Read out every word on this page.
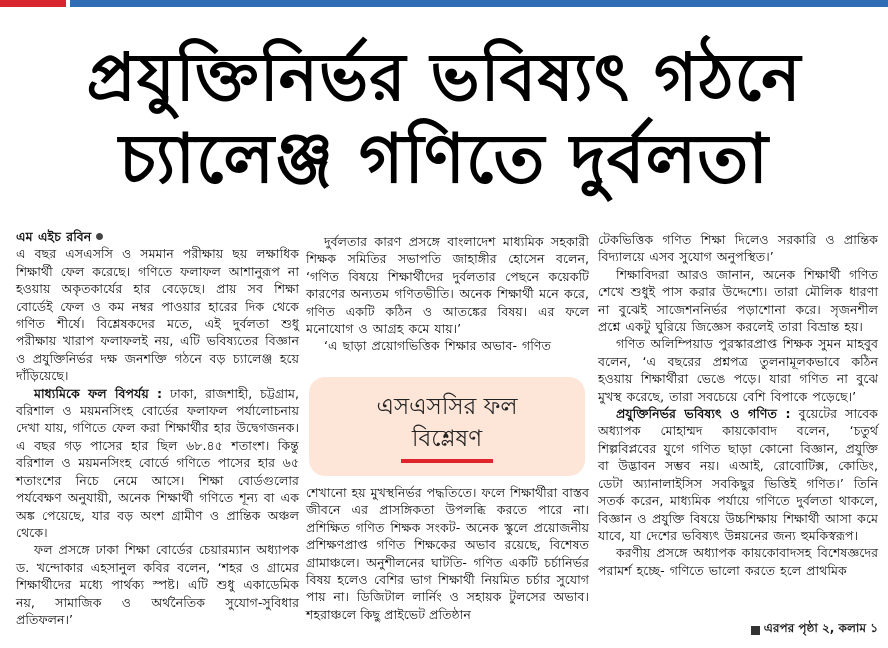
প্রযুক্তিনির্ভর ভবিষ্যৎ গঠনে
চ্যালেঞ্জ গণিতে দুর্বলতা

এম এইচ রবিন

এ বছর এসএসসি ও সমমান পরীক্ষায় ছয় লক্ষাধিক শিক্ষার্থী ফেল করেছে। গণিতে ফলাফল আশানুরূপ না হওয়ায় অকৃতকার্যের হার বেড়েছে। প্রায় সব শিক্ষা বোর্ডেই ফেল ও কম নম্বর পাওয়ার হারের দিক থেকে গণিত শীর্ষে। বিশ্লেষকদের মতে, এই দুর্বলতা শুধু পরীক্ষায় খারাপ ফলাফলই নয়, এটি ভবিষ্যতের বিজ্ঞান ও প্রযুক্তিনির্ভর দক্ষ জনশক্তি গঠনে বড় চ্যালেঞ্জ হয়ে দাঁড়িয়েছে।

মাধ্যমিকে ফল বিপর্যয় : ঢাকা, রাজশাহী, চট্টগ্রাম, বরিশাল ও ময়মনসিংহ বোর্ডের ফলাফল পর্যালোচনায় দেখা যায়, গণিতে ফেল করা শিক্ষার্থীর হার উদ্বেগজনক। এ বছর গড় পাসের হার ছিল ৬৮.৪৫ শতাংশ। কিন্তু বরিশাল ও ময়মনসিংহ বোর্ডে গণিতে পাসের হার ৬৫ শতাংশের নিচে নেমে আসে। শিক্ষা বোর্ডগুলোর পর্যবেক্ষণ অনুযায়ী, অনেক শিক্ষার্থী গণিতে শূন্য বা এক অঙ্ক পেয়েছে, যার বড় অংশ গ্রামীণ ও প্রান্তিক অঞ্চল থেকে।

ফল প্রসঙ্গে ঢাকা শিক্ষা বোর্ডের চেয়ারম্যান অধ্যাপক ড. খন্দোকার এহসানুল কবির বলেন, ‘শহর ও গ্রামের শিক্ষার্থীদের মধ্যে পার্থক্য স্পষ্ট। এটি শুধু একাডেমিক নয়, সামাজিক ও অর্থনৈতিক সুযোগ-সুবিধার প্রতিফলন।’

দুর্বলতার কারণ প্রসঙ্গে বাংলাদেশ মাধ্যমিক সহকারী শিক্ষক সমিতির সভাপতি জাহাঙ্গীর হোসেন বলেন, ‘গণিত বিষয়ে শিক্ষার্থীদের দুর্বলতার পেছনে কয়েকটি কারণের অন্যতম গণিতভীতি। অনেক শিক্ষার্থী মনে করে, গণিত একটি কঠিন ও আতঙ্কের বিষয়। এর ফলে মনোযোগ ও আগ্রহ কমে যায়।’

‘এ ছাড়া প্রয়োগভিত্তিক শিক্ষার অভাব- গণিত

এসএসসির ফল
বিশ্লেষণ

শেখানো হয় মুখস্থনির্ভর পদ্ধতিতে। ফলে শিক্ষার্থীরা বাস্তব জীবনে এর প্রাসঙ্গিকতা উপলব্ধি করতে পারে না। প্রশিক্ষিত গণিত শিক্ষক সংকট- অনেক স্কুলে প্রয়োজনীয় প্রশিক্ষণপ্রাপ্ত গণিত শিক্ষকের অভাব রয়েছে, বিশেষত গ্রামাঞ্চলে। অনুশীলনের ঘাটতি- গণিত একটি চর্চানির্ভর বিষয় হলেও বেশির ভাগ শিক্ষার্থী নিয়মিত চর্চার সুযোগ পায় না। ডিজিটাল লার্নিং ও সহায়ক টুলসের অভাব। শহরাঞ্চলে কিছু প্রাইভেট প্রতিষ্ঠান

টেকভিত্তিক গণিত শিক্ষা দিলেও সরকারি ও প্রান্তিক বিদ্যালয়ে এসব সুযোগ অনুপস্থিত।’

শিক্ষাবিদরা আরও জানান, অনেক শিক্ষার্থী গণিত শেখে শুধুই পাস করার উদ্দেশ্যে। তারা মৌলিক ধারণা না বুঝেই সাজেশননির্ভর পড়াশোনা করে। সৃজনশীল প্রশ্নে একটু ঘুরিয়ে জিজ্ঞেস করলেই তারা বিভ্রান্ত হয়।

গণিত অলিম্পিয়াড পুরস্কারপ্রাপ্ত শিক্ষক সুমন মাহবুব বলেন, ‘এ বছরের প্রশ্নপত্র তুলনামূলকভাবে কঠিন হওয়ায় শিক্ষার্থীরা ভেঙে পড়ে। যারা গণিত না বুঝে মুখস্থ করেছে, তারা সবচেয়ে বেশি বিপাকে পড়েছে।’

প্রযুক্তিনির্ভর ভবিষ্যৎ ও গণিত : বুয়েটের সাবেক অধ্যাপক মোহাম্মদ কায়কোবাদ বলেন, ‘চতুর্থ শিল্পবিপ্লবের যুগে গণিত ছাড়া কোনো বিজ্ঞান, প্রযুক্তি বা উদ্ভাবন সম্ভব নয়। এআই, রোবোটিক্স, কোডিং, ডেটা অ্যানালাইসিস সবকিছুর ভিত্তিই গণিত।’ তিনি সতর্ক করেন, মাধ্যমিক পর্যায়ে গণিতে দুর্বলতা থাকলে, বিজ্ঞান ও প্রযুক্তি বিষয়ে উচ্চশিক্ষায় শিক্ষার্থী আসা কমে যাবে, যা দেশের ভবিষ্যৎ উন্নয়নের জন্য হুমকিস্বরূপ।

করণীয় প্রসঙ্গে অধ্যাপক কায়কোবাদসহ বিশেষজ্ঞদের পরামর্শ হচ্ছে- গণিতে ভালো করতে হলে প্রাথমিক

এরপর পৃষ্ঠা ২, কলাম ১
